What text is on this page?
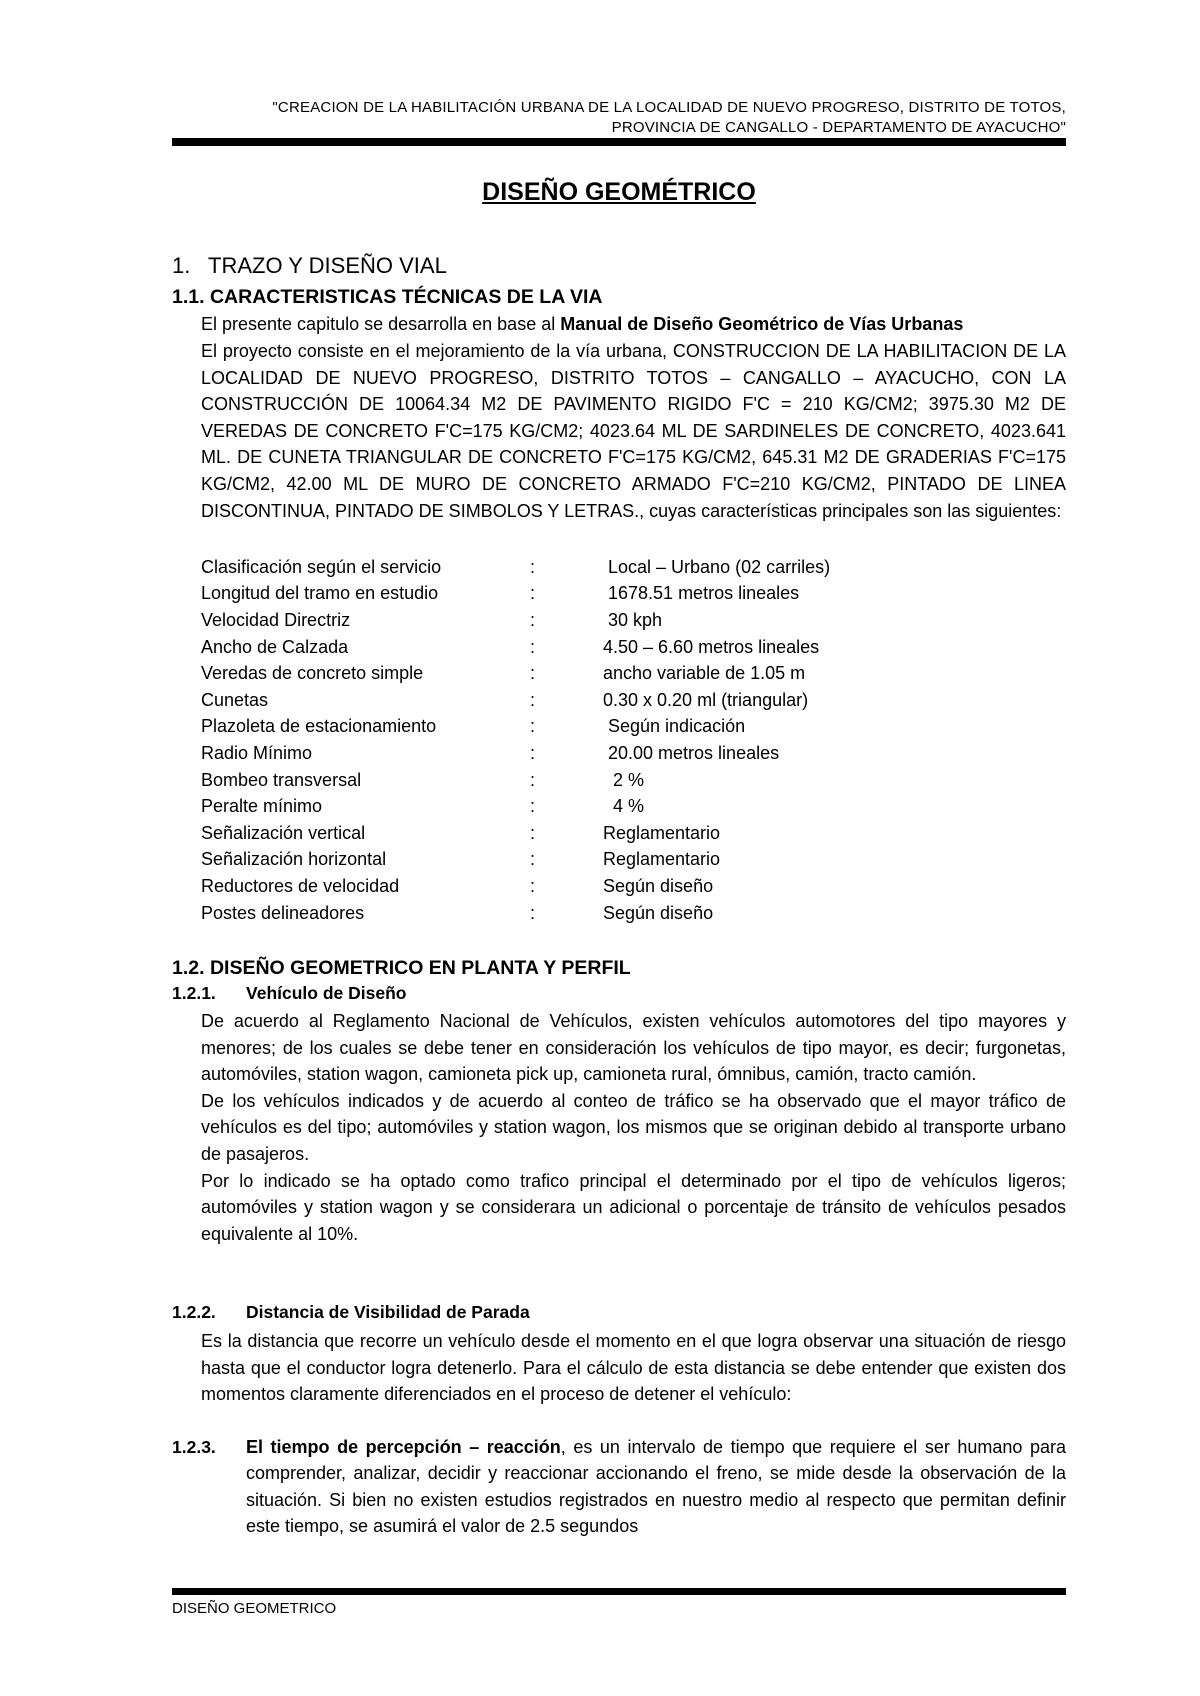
"CREACION DE LA HABILITACIÓN URBANA DE LA LOCALIDAD DE NUEVO PROGRESO, DISTRITO DE TOTOS,
PROVINCIA DE CANGALLO - DEPARTAMENTO DE AYACUCHO"
DISEÑO GEOMÉTRICO
1. TRAZO Y DISEÑO VIAL
1.1. CARACTERISTICAS TÉCNICAS DE LA VIA
El presente capitulo se desarrolla en base al Manual de Diseño Geométrico de Vías Urbanas
El proyecto consiste en el mejoramiento de la vía urbana, CONSTRUCCION DE LA HABILITACION DE LA LOCALIDAD DE NUEVO PROGRESO, DISTRITO TOTOS – CANGALLO – AYACUCHO, CON LA CONSTRUCCIÓN DE 10064.34 M2 DE PAVIMENTO RIGIDO F'C = 210 KG/CM2; 3975.30 M2 DE VEREDAS DE CONCRETO F'C=175 KG/CM2; 4023.64 ML DE SARDINELES DE CONCRETO, 4023.641 ML. DE CUNETA TRIANGULAR DE CONCRETO F'C=175 KG/CM2, 645.31 M2 DE GRADERIAS F'C=175 KG/CM2, 42.00 ML DE MURO DE CONCRETO ARMADO F'C=210 KG/CM2, PINTADO DE LINEA DISCONTINUA, PINTADO DE SIMBOLOS Y LETRAS., cuyas características principales son las siguientes:
Clasificación según el servicio	:	Local – Urbano (02 carriles)
Longitud del tramo en estudio	:	1678.51 metros lineales
Velocidad Directriz	:	30 kph
Ancho de Calzada	:	4.50 – 6.60 metros lineales
Veredas de concreto simple	:	ancho variable de 1.05 m
Cunetas	:	0.30 x 0.20 ml (triangular)
Plazoleta de estacionamiento	:	Según indicación
Radio Mínimo	:	20.00 metros lineales
Bombeo transversal	:	2 %
Peralte mínimo	:	4 %
Señalización vertical	:	Reglamentario
Señalización horizontal	:	Reglamentario
Reductores de velocidad	:	Según diseño
Postes delineadores	:	Según diseño
1.2. DISEÑO GEOMETRICO EN PLANTA Y PERFIL
1.2.1. Vehículo de Diseño
De acuerdo al Reglamento Nacional de Vehículos, existen vehículos automotores del tipo mayores y menores; de los cuales se debe tener en consideración los vehículos de tipo mayor, es decir; furgonetas, automóviles, station wagon, camioneta pick up, camioneta rural, ómnibus, camión, tracto camión.
De los vehículos indicados y de acuerdo al conteo de tráfico se ha observado que el mayor tráfico de vehículos es del tipo; automóviles y station wagon, los mismos que se originan debido al transporte urbano de pasajeros.
Por lo indicado se ha optado como trafico principal el determinado por el tipo de vehículos ligeros; automóviles y station wagon y se considerara un adicional o porcentaje de tránsito de vehículos pesados equivalente al 10%.
1.2.2. Distancia de Visibilidad de Parada
Es la distancia que recorre un vehículo desde el momento en el que logra observar una situación de riesgo hasta que el conductor logra detenerlo. Para el cálculo de esta distancia se debe entender que existen dos momentos claramente diferenciados en el proceso de detener el vehículo:
1.2.3. El tiempo de percepción – reacción, es un intervalo de tiempo que requiere el ser humano para comprender, analizar, decidir y reaccionar accionando el freno, se mide desde la observación de la situación. Si bien no existen estudios registrados en nuestro medio al respecto que permitan definir este tiempo, se asumirá el valor de 2.5 segundos
DISEÑO GEOMETRICO
